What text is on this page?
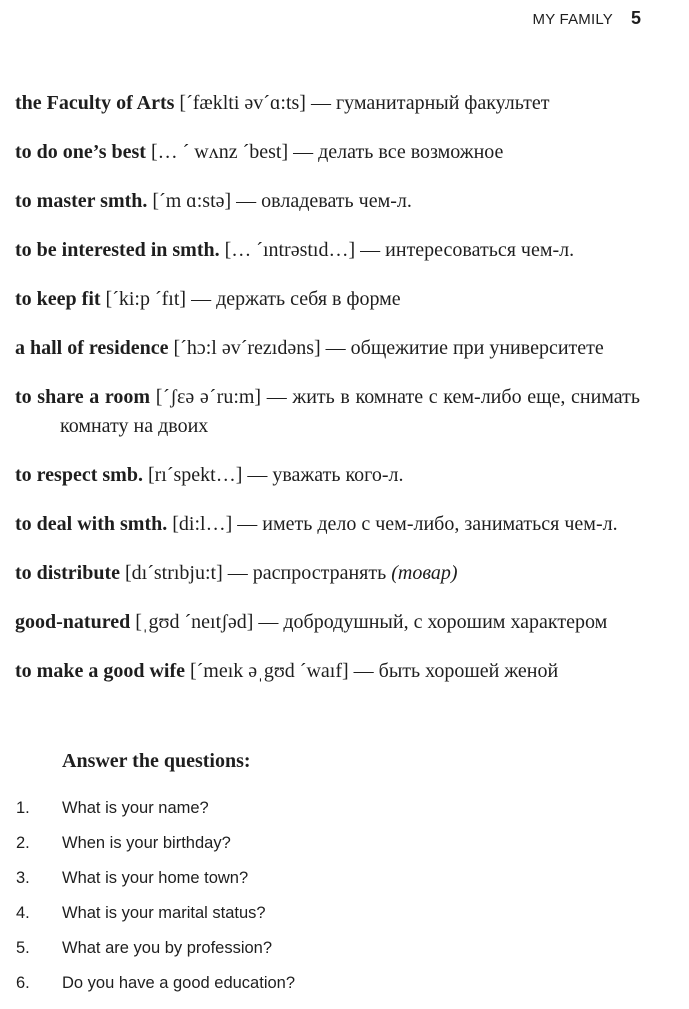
MY FAMILY 5

the Faculty of Arts [ˊfækltі əvˊɑ:ts] — гуманитарный факультет

to do one’s best [… ˊ wʌnz ˊbest] — делать все возможное

to master smth. [ˊm ɑ:stə] — овладевать чем-л.

to be interested in smth. [… ˊıntrəstıd…] — интересоваться чем-л.

to keep fit [ˊki:p ˊfıt] — держать себя в форме

a hall of residence [ˊhɔ:l əvˊrezıdəns] — общежитие при университете

to share a room [ˊʃɛə əˊru:m] — жить в комнате с кем-либо еще, снимать комнату на двоих

to respect smb. [rıˊspekt…] — уважать кого-л.

to deal with smth. [di:l…] — иметь дело с чем-либо, заниматься чем-л.

to distribute [dıˊstrıbju:t] — распространять (товар)

good-natured [ˌgʊd ˊneıtʃəd] — добродушный, с хорошим характером

to make a good wife [ˊmeık əˌgʊd ˊwaıf] — быть хорошей женой

Answer the questions:
1.	What is your name?
2.	When is your birthday?
3.	What is your home town?
4.	What is your marital status?
5.	What are you by profession?
6.	Do you have a good education?
